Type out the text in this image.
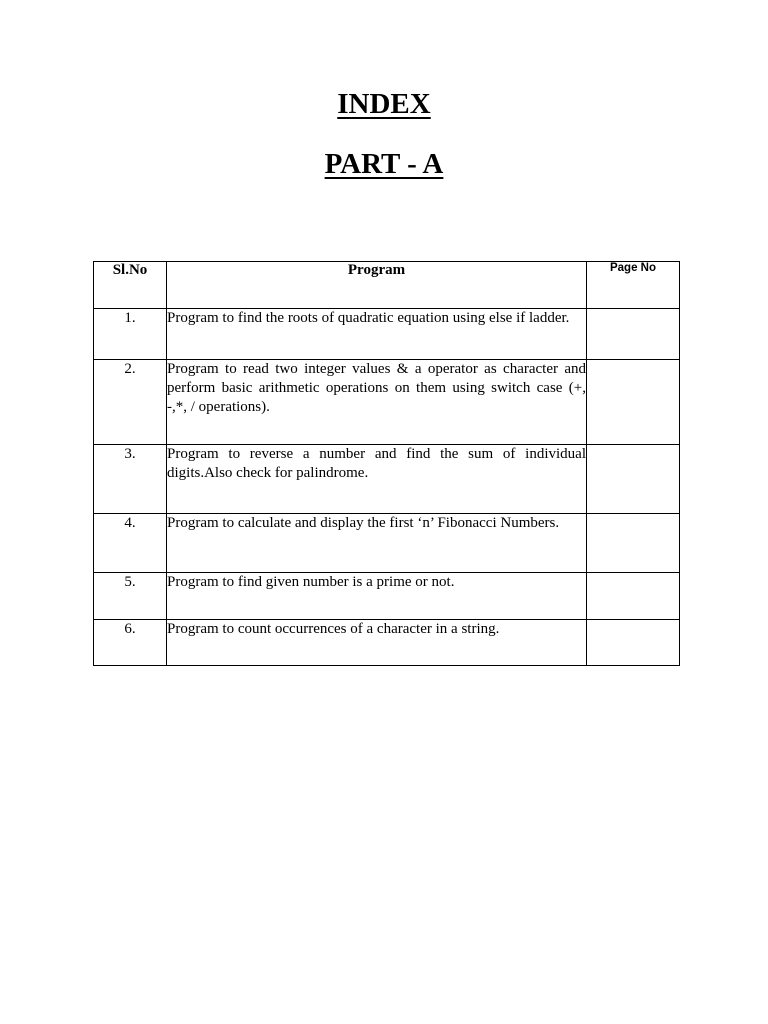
INDEX
PART - A
Sl.No	Program	Page No
1.	Program to find the roots of quadratic equation using else if ladder.	
2.	Program to read two integer values & a operator as character and perform basic arithmetic operations on them using switch case (+, -,*, / operations).	
3.	Program to reverse a number and find the sum of individual digits.Also check for palindrome.	
4.	Program to calculate and display the first ‘n’ Fibonacci Numbers.	
5.	Program to find given number is a prime or not.	
6.	Program to count occurrences of a character in a string.	
